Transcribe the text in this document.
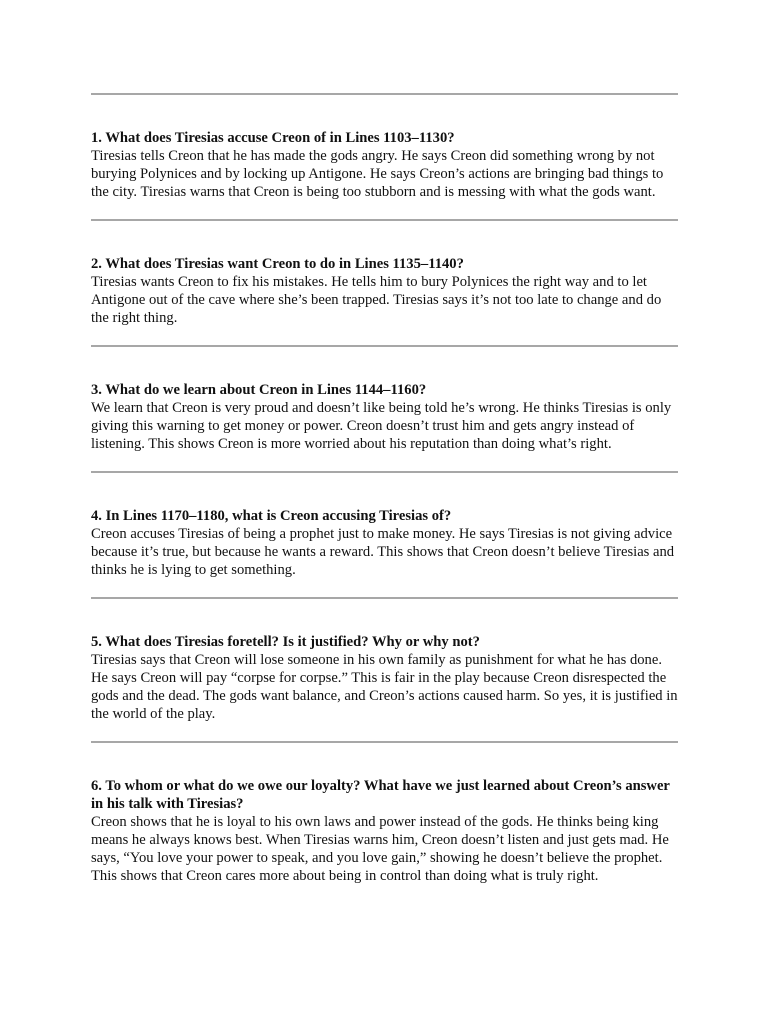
1. What does Tiresias accuse Creon of in Lines 1103–1130?

Tiresias tells Creon that he has made the gods angry. He says Creon did something wrong by not burying Polynices and by locking up Antigone. He says Creon’s actions are bringing bad things to the city. Tiresias warns that Creon is being too stubborn and is messing with what the gods want.

2. What does Tiresias want Creon to do in Lines 1135–1140?

Tiresias wants Creon to fix his mistakes. He tells him to bury Polynices the right way and to let Antigone out of the cave where she’s been trapped. Tiresias says it’s not too late to change and do the right thing.

3. What do we learn about Creon in Lines 1144–1160?

We learn that Creon is very proud and doesn’t like being told he’s wrong. He thinks Tiresias is only giving this warning to get money or power. Creon doesn’t trust him and gets angry instead of listening. This shows Creon is more worried about his reputation than doing what’s right.

4. In Lines 1170–1180, what is Creon accusing Tiresias of?

Creon accuses Tiresias of being a prophet just to make money. He says Tiresias is not giving advice because it’s true, but because he wants a reward. This shows that Creon doesn’t believe Tiresias and thinks he is lying to get something.

5. What does Tiresias foretell? Is it justified? Why or why not?

Tiresias says that Creon will lose someone in his own family as punishment for what he has done. He says Creon will pay “corpse for corpse.” This is fair in the play because Creon disrespected the gods and the dead. The gods want balance, and Creon’s actions caused harm. So yes, it is justified in the world of the play.

6. To whom or what do we owe our loyalty? What have we just learned about Creon’s answer in his talk with Tiresias?

Creon shows that he is loyal to his own laws and power instead of the gods. He thinks being king means he always knows best. When Tiresias warns him, Creon doesn’t listen and just gets mad. He says, “You love your power to speak, and you love gain,” showing he doesn’t believe the prophet. This shows that Creon cares more about being in control than doing what is truly right.
